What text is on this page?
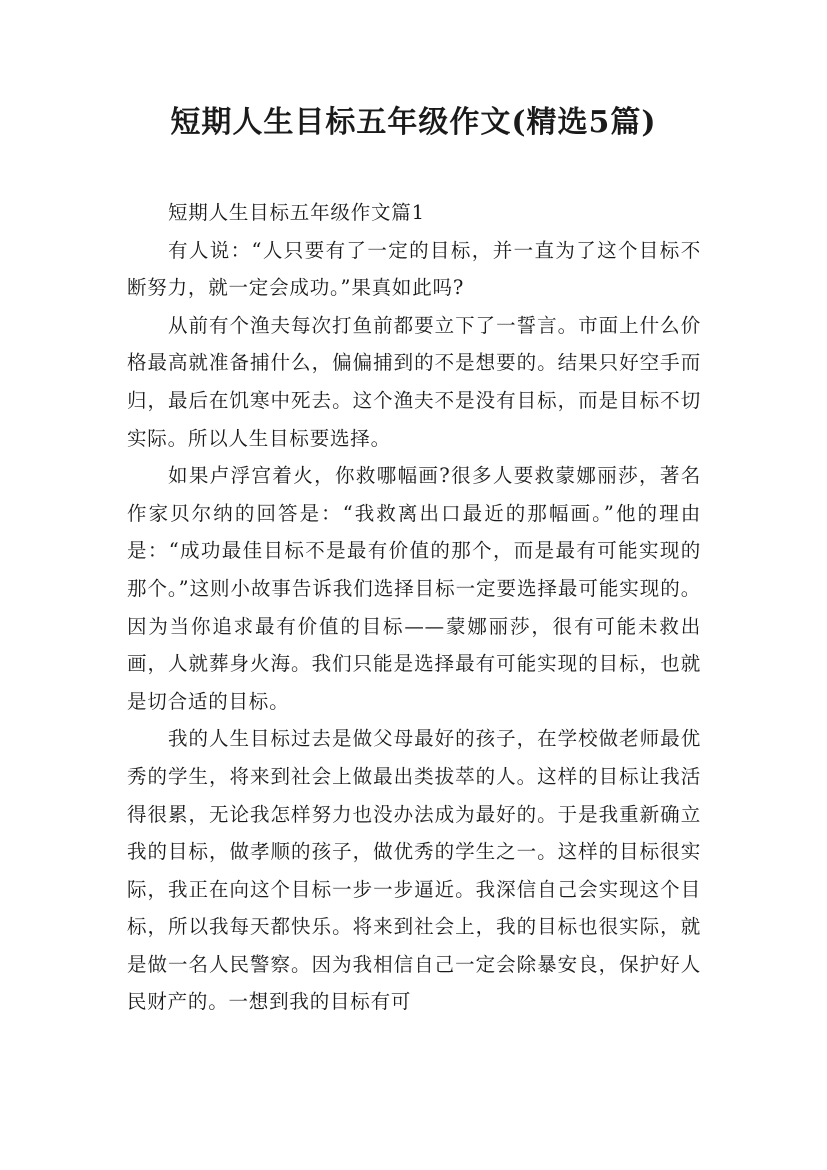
短期人生目标五年级作文(精选5篇)

短期人生目标五年级作文篇1

有人说：“人只要有了一定的目标，并一直为了这个目标不断努力，就一定会成功。”果真如此吗?

从前有个渔夫每次打鱼前都要立下了一誓言。市面上什么价格最高就准备捕什么，偏偏捕到的不是想要的。结果只好空手而归，最后在饥寒中死去。这个渔夫不是没有目标，而是目标不切实际。所以人生目标要选择。

如果卢浮宫着火，你救哪幅画?很多人要救蒙娜丽莎，著名作家贝尔纳的回答是：“我救离出口最近的那幅画。”他的理由是：“成功最佳目标不是最有价值的那个，而是最有可能实现的那个。”这则小故事告诉我们选择目标一定要选择最可能实现的。因为当你追求最有价值的目标——蒙娜丽莎，很有可能未救出画，人就葬身火海。我们只能是选择最有可能实现的目标，也就是切合适的目标。

我的人生目标过去是做父母最好的孩子，在学校做老师最优秀的学生，将来到社会上做最出类拔萃的人。这样的目标让我活得很累，无论我怎样努力也没办法成为最好的。于是我重新确立我的目标，做孝顺的孩子，做优秀的学生之一。这样的目标很实际，我正在向这个目标一步一步逼近。我深信自己会实现这个目标，所以我每天都快乐。将来到社会上，我的目标也很实际，就是做一名人民警察。因为我相信自己一定会除暴安良，保护好人民财产的。一想到我的目标有可
